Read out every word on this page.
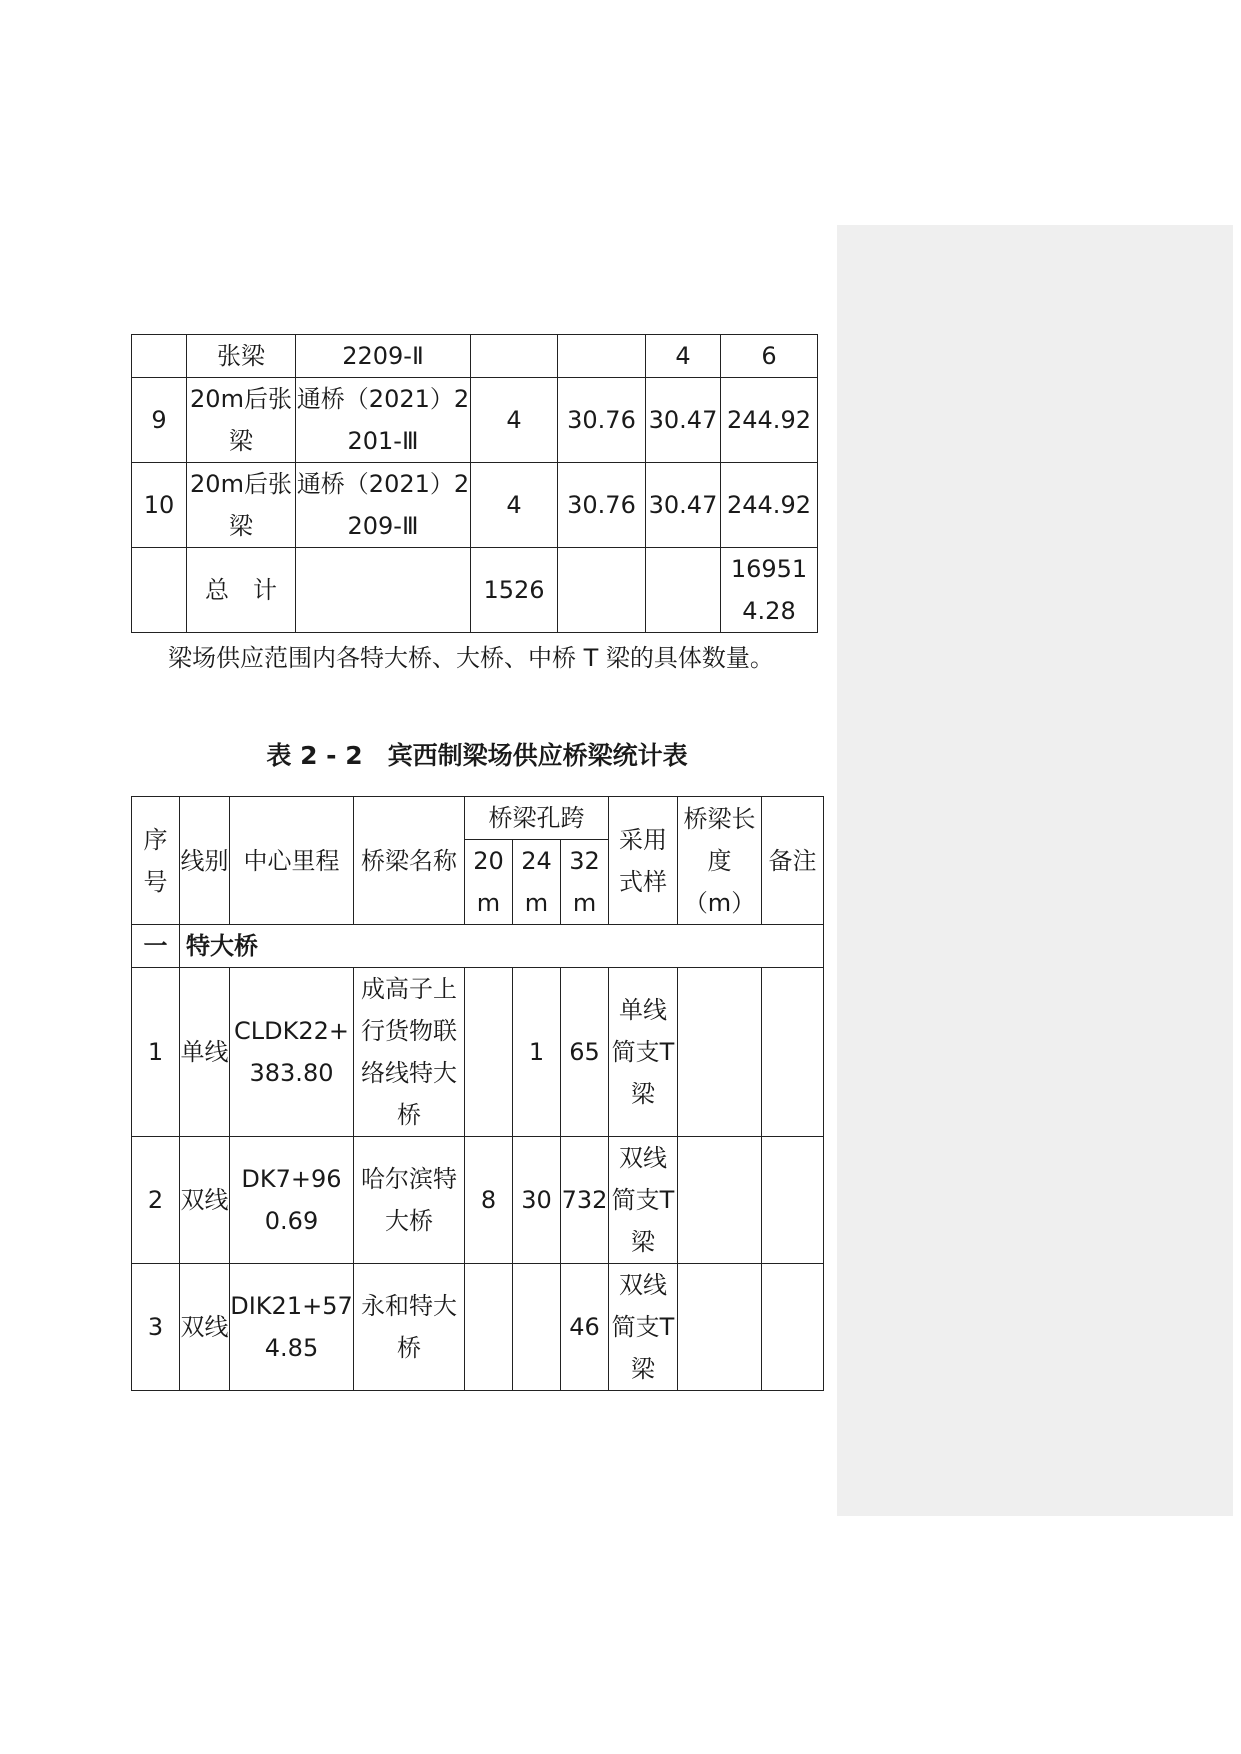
	张梁	2209-Ⅱ			4	6
9	20m后张梁	通桥（2021）2201-Ⅲ	4	30.76	30.47	244.92
10	20m后张梁	通桥（2021）2209-Ⅲ	4	30.76	30.47	244.92
	总　计		1526			169514.28
梁场供应范围内各特大桥、大桥、中桥 T 梁的具体数量。
表 2 - 2　宾西制梁场供应桥梁统计表
序号	线别	中心里程	桥梁名称	桥梁孔跨			采用式样	桥梁长度（m）	备注
				20m	24m	32m			
一	特大桥								
1	单线	CLDK22+383.80	成高子上行货物联络线特大桥		1	65	单线简支T梁		
2	双线	DK7+960.69	哈尔滨特大桥	8	30	732	双线简支T梁		
3	双线	DIK21+574.85	永和特大桥			46	双线简支T梁		
